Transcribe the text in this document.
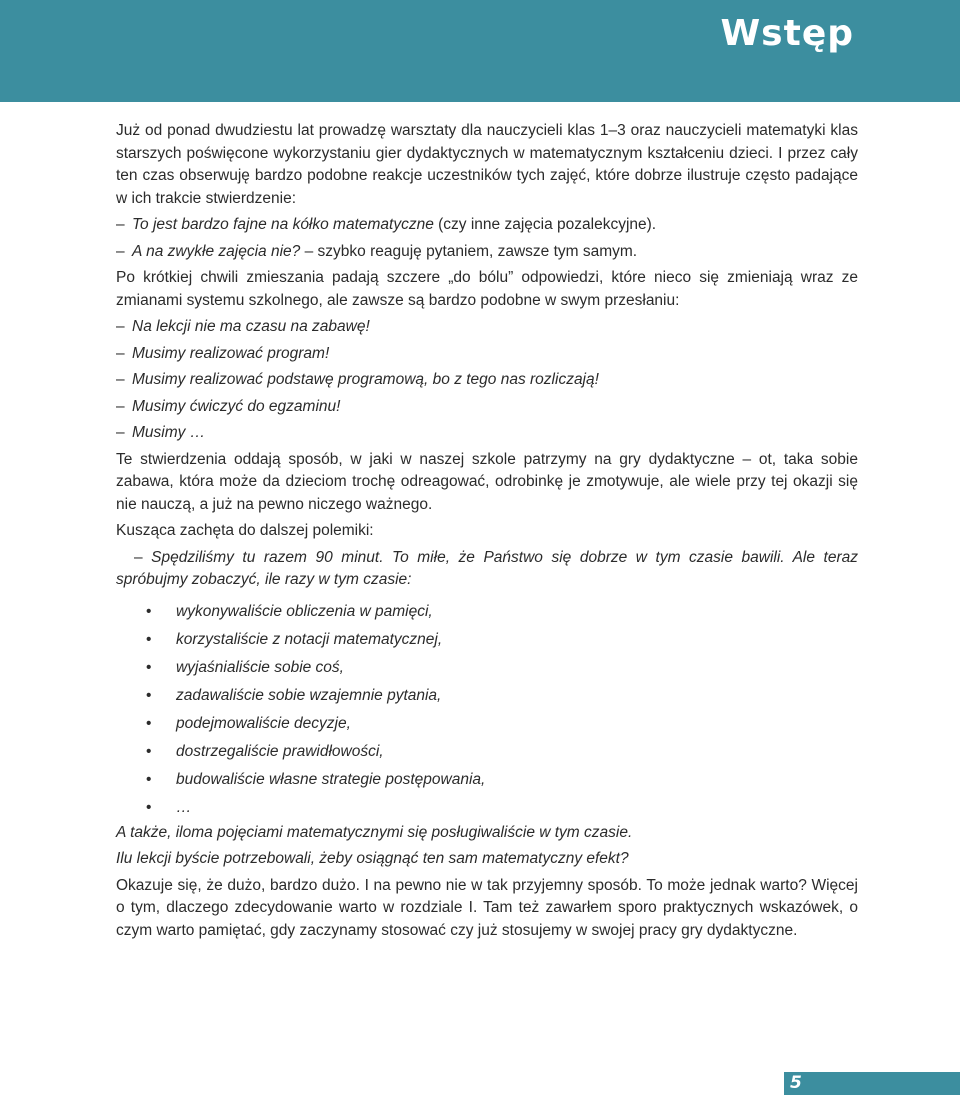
Wstęp

Już od ponad dwudziestu lat prowadzę warsztaty dla nauczycieli klas 1–3 oraz nauczycieli matematyki klas starszych poświęcone wykorzystaniu gier dydaktycznych w matematycznym kształceniu dzieci. I przez cały ten czas obserwuję bardzo podobne reakcje uczestników tych zajęć, które dobrze ilustruje często padające w ich trakcie stwierdzenie:

– To jest bardzo fajne na kółko matematyczne (czy inne zajęcia pozalekcyjne).

– A na zwykłe zajęcia nie? – szybko reaguję pytaniem, zawsze tym samym.

Po krótkiej chwili zmieszania padają szczere „do bólu” odpowiedzi, które nieco się zmieniają wraz ze zmianami systemu szkolnego, ale zawsze są bardzo podobne w swym przesłaniu:

– Na lekcji nie ma czasu na zabawę!

– Musimy realizować program!

– Musimy realizować podstawę programową, bo z tego nas rozliczają!

– Musimy ćwiczyć do egzaminu!

– Musimy …

Te stwierdzenia oddają sposób, w jaki w naszej szkole patrzymy na gry dydaktyczne – ot, taka sobie zabawa, która może da dzieciom trochę odreagować, odrobinkę je zmotywuje, ale wiele przy tej okazji się nie nauczą, a już na pewno niczego ważnego.

Kusząca zachęta do dalszej polemiki:

– Spędziliśmy tu razem 90 minut. To miłe, że Państwo się dobrze w tym czasie bawili. Ale teraz spróbujmy zobaczyć, ile razy w tym czasie:

• wykonywaliście obliczenia w pamięci,
• korzystaliście z notacji matematycznej,
• wyjaśnialiście sobie coś,
• zadawaliście sobie wzajemnie pytania,
• podejmowaliście decyzje,
• dostrzegaliście prawidłowości,
• budowaliście własne strategie postępowania,
• …

A także, iloma pojęciami matematycznymi się posługiwaliście w tym czasie.

Ilu lekcji byście potrzebowali, żeby osiągnąć ten sam matematyczny efekt?

Okazuje się, że dużo, bardzo dużo. I na pewno nie w tak przyjemny sposób. To może jednak warto? Więcej o tym, dlaczego zdecydowanie warto w rozdziale I. Tam też zawarłem sporo praktycznych wskazówek, o czym warto pamiętać, gdy zaczynamy stosować czy już stosujemy w swojej pracy gry dydaktyczne.

5
